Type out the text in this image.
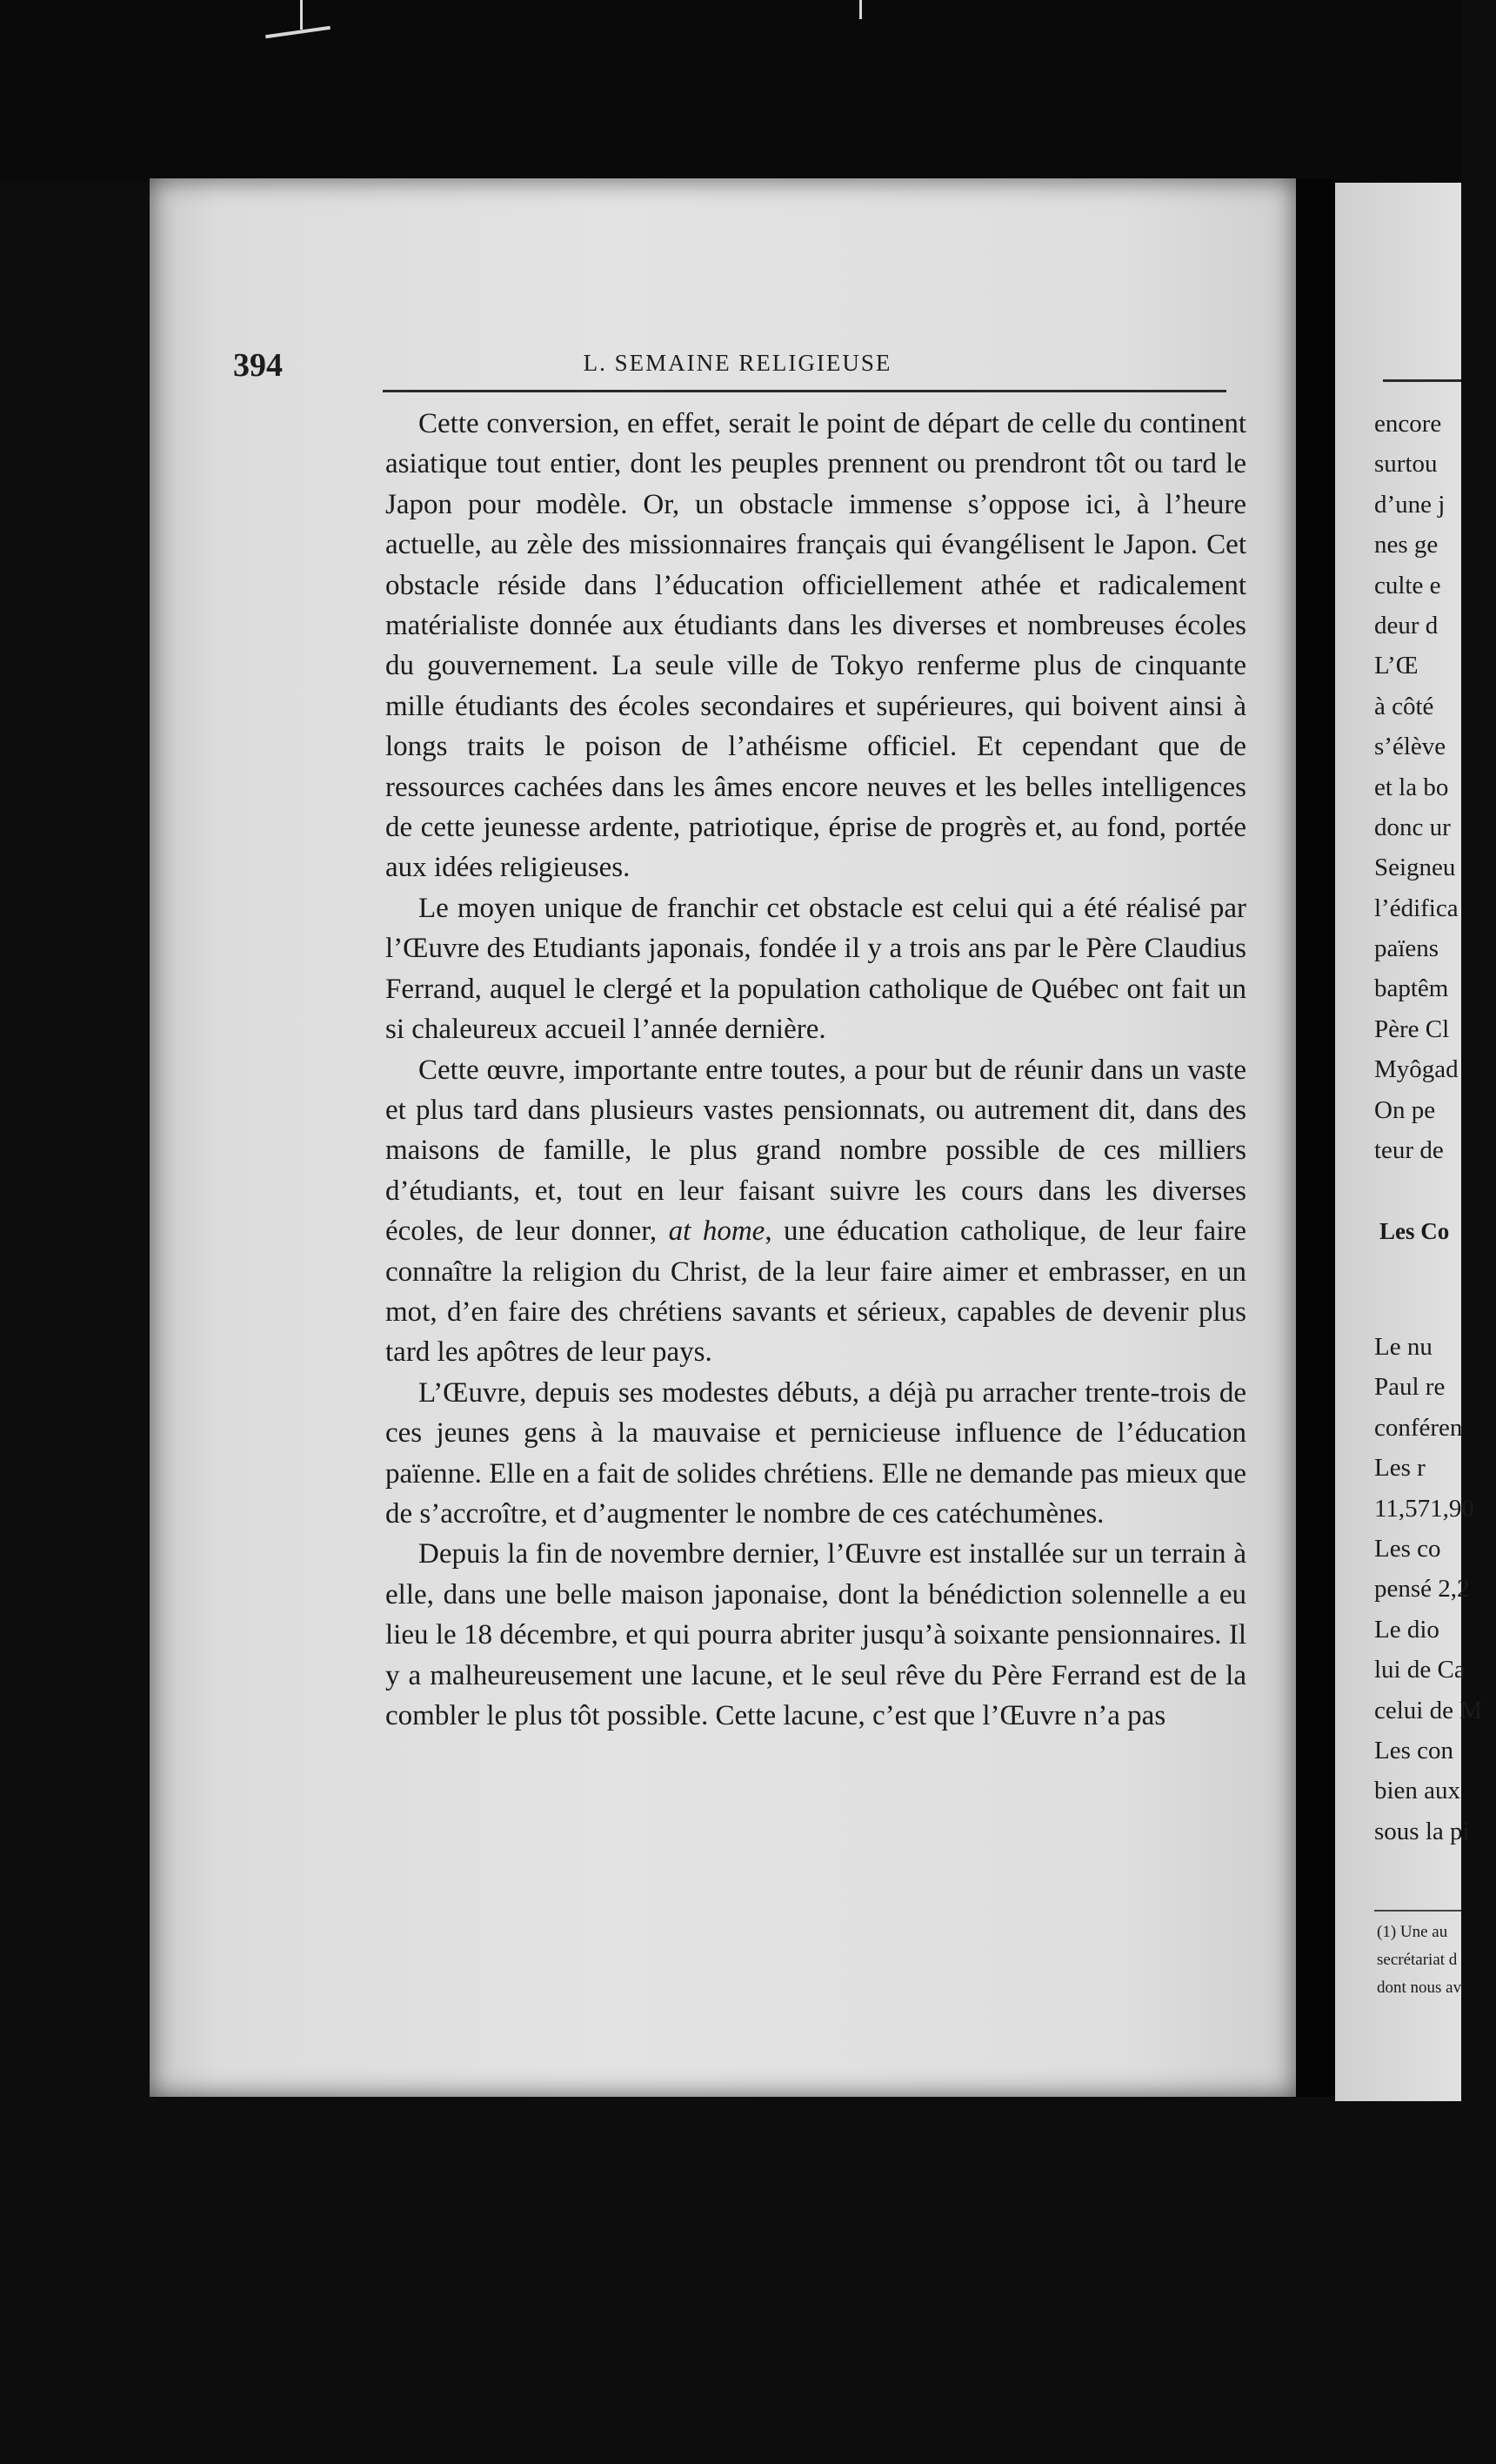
394	L. SEMAINE RELIGIEUSE

Cette conversion, en effet, serait le point de départ de celle du continent asiatique tout entier, dont les peuples prennent ou prendront tôt ou tard le Japon pour modèle. Or, un obstacle immense s’oppose ici, à l’heure actuelle, au zèle des missionnaires français qui évangélisent le Japon. Cet obstacle réside dans l’éducation officiellement athée et radicalement matérialiste donnée aux étudiants dans les diverses et nombreuses écoles du gouvernement. La seule ville de Tokyo renferme plus de cinquante mille étudiants des écoles secondaires et supérieures, qui boivent ainsi à longs traits le poison de l’athéisme officiel. Et cependant que de ressources cachées dans les âmes encore neuves et les belles intelligences de cette jeunesse ardente, patriotique, éprise de progrès et, au fond, portée aux idées religieuses.

Le moyen unique de franchir cet obstacle est celui qui a été réalisé par l’Œuvre des Etudiants japonais, fondée il y a trois ans par le Père Claudius Ferrand, auquel le clergé et la population catholique de Québec ont fait un si chaleureux accueil l’année dernière.

Cette œuvre, importante entre toutes, a pour but de réunir dans un vaste et plus tard dans plusieurs vastes pensionnats, ou autrement dit, dans des maisons de famille, le plus grand nombre possible de ces milliers d’étudiants, et, tout en leur faisant suivre les cours dans les diverses écoles, de leur donner, at home, une éducation catholique, de leur faire connaître la religion du Christ, de la leur faire aimer et embrasser, en un mot, d’en faire des chrétiens savants et sérieux, capables de devenir plus tard les apôtres de leur pays.

L’Œuvre, depuis ses modestes débuts, a déjà pu arracher trente-trois de ces jeunes gens à la mauvaise et pernicieuse influence de l’éducation païenne. Elle en a fait de solides chrétiens. Elle ne demande pas mieux que de s’accroître, et d’augmenter le nombre de ces catéchumènes.

Depuis la fin de novembre dernier, l’Œuvre est installée sur un terrain à elle, dans une belle maison japonaise, dont la bénédiction solennelle a eu lieu le 18 décembre, et qui pourra abriter jusqu’à soixante pensionnaires. Il y a malheureusement une lacune, et le seul rêve du Père Ferrand est de la combler le plus tôt possible. Cette lacune, c’est que l’Œuvre n’a pas

encore
surtou
d’une j
nes ge
culte e
deur d
L’Œ
à côté
s’élève
et la bo
donc ur
Seigneu
l’édifica
païens
baptêm
Père Cl
Myôgad
On pe
teur de
Les Co
Le nu
Paul re
conféren
Les r
11,571,90
Les co
pensé 2,2
Le dio
lui de Ca
celui de M
Les con
bien aux
sous la pi
(1) Une au
secrétariat d
dont nous av
